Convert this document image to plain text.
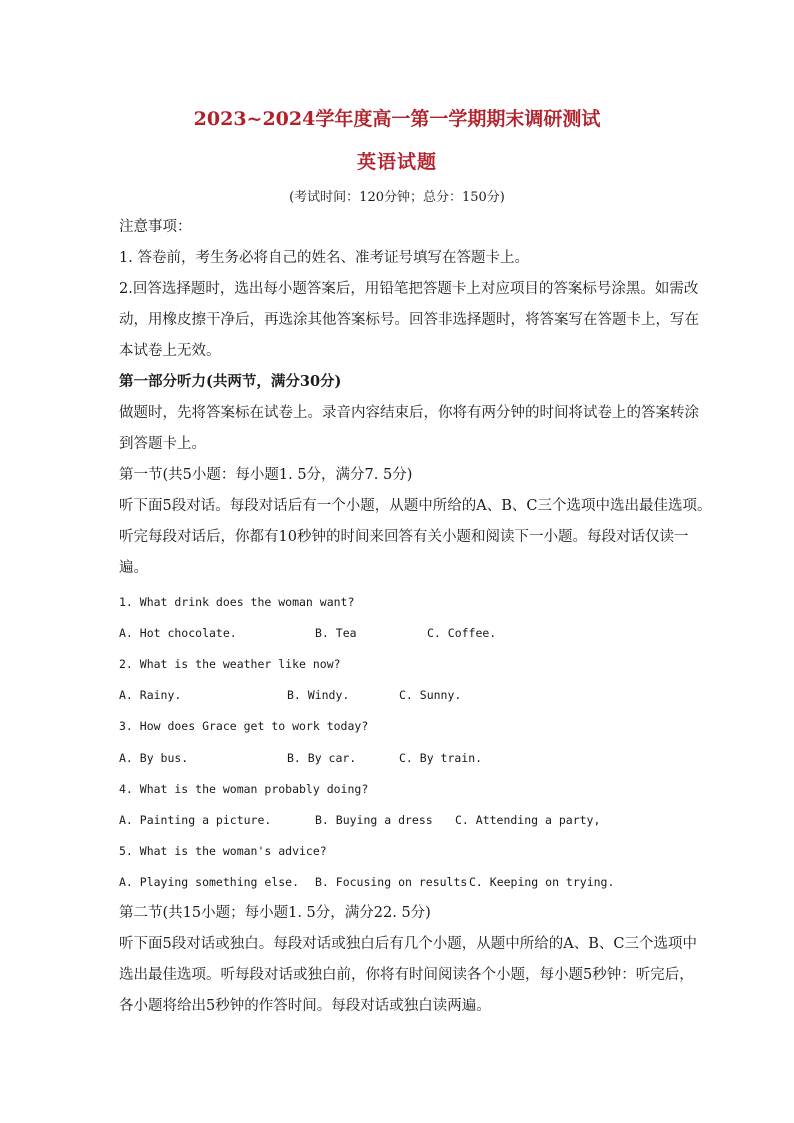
2023~2024学年度高一第一学期期末调研测试
英语试题
(考试时间：120分钟；总分：150分)
注意事项：
1. 答卷前，考生务必将自己的姓名、准考证号填写在答题卡上。
2.回答选择题时，选出每小题答案后，用铅笔把答题卡上对应项目的答案标号涂黑。如需改
动，用橡皮擦干净后，再选涂其他答案标号。回答非选择题时，将答案写在答题卡上，写在
本试卷上无效。
第一部分听力(共两节，满分30分)
做题时，先将答案标在试卷上。录音内容结束后，你将有两分钟的时间将试卷上的答案转涂
到答题卡上。
第一节(共5小题：每小题1. 5分，满分7. 5分)
听下面5段对话。每段对话后有一个小题，从题中所给的A、B、C三个选项中选出最佳选项。
听完每段对话后，你都有10秒钟的时间来回答有关小题和阅读下一小题。每段对话仅读一
遍。
1. What drink does the woman want?
A. Hot chocolate.	B. Tea	C. Coffee.
2. What is the weather like now?
A. Rainy.	B. Windy.	C. Sunny.
3. How does Grace get to work today?
A. By bus.	B. By car.	C. By train.
4. What is the woman probably doing?
A. Painting a picture.	B. Buying a dress C. Attending a party,
5. What is the woman's advice?
A. Playing something else. B. Focusing on results C. Keeping on trying.
第二节(共15小题；每小题1. 5分，满分22. 5分)
听下面5段对话或独白。每段对话或独白后有几个小题，从题中所给的A、B、C三个选项中
选出最佳选项。听每段对话或独白前，你将有时间阅读各个小题，每小题5秒钟：听完后，
各小题将给出5秒钟的作答时间。每段对话或独白读两遍。
